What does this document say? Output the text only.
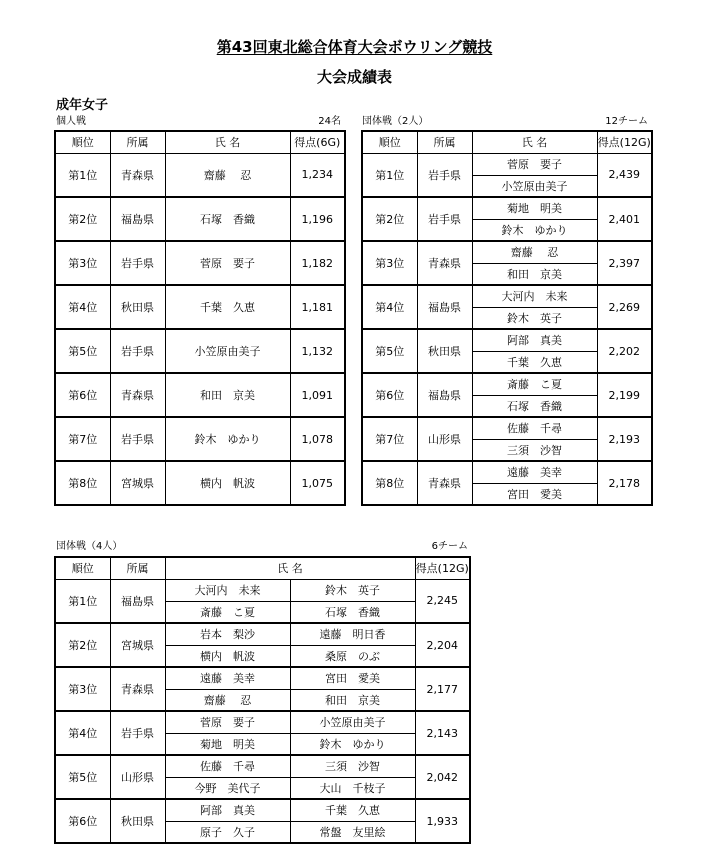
第43回東北総合体育大会ボウリング競技
大会成績表
成年女子
個人戦	24名
順位	所属	氏 名	得点(6G)
第1位	青森県	齋藤　 忍	1,234
第2位	福島県	石塚　香織	1,196
第3位	岩手県	菅原　要子	1,182
第4位	秋田県	千葉　久恵	1,181
第5位	岩手県	小笠原由美子	1,132
第6位	青森県	和田　京美	1,091
第7位	岩手県	鈴木　ゆかり	1,078
第8位	宮城県	横内　帆波	1,075
団体戦（2人）	12チーム
順位	所属	氏 名	得点(12G)
第1位	岩手県	菅原　要子	2,439
		小笠原由美子	
第2位	岩手県	菊地　明美	2,401
		鈴木　ゆかり	
第3位	青森県	齋藤　 忍	2,397
		和田　京美	
第4位	福島県	大河内　未来	2,269
		鈴木　英子	
第5位	秋田県	阿部　真美	2,202
		千葉　久恵	
第6位	福島県	斎藤　こ夏	2,199
		石塚　香織	
第7位	山形県	佐藤　千尋	2,193
		三須　沙智	
第8位	青森県	遠藤　美幸	2,178
		宮田　愛美	
団体戦（4人）	6チーム
順位	所属	氏 名		得点(12G)
第1位	福島県	大河内　未来	鈴木　英子	2,245
		斎藤　こ夏	石塚　香織	
第2位	宮城県	岩本　梨沙	遠藤　明日香	2,204
		横内　帆波	桑原　のぶ	
第3位	青森県	遠藤　美幸	宮田　愛美	2,177
		齋藤　 忍	和田　京美	
第4位	岩手県	菅原　要子	小笠原由美子	2,143
		菊地　明美	鈴木　ゆかり	
第5位	山形県	佐藤　千尋	三須　沙智	2,042
		今野　美代子	大山　千枝子	
第6位	秋田県	阿部　真美	千葉　久恵	1,933
		原子　久子	常盤　友里絵	
